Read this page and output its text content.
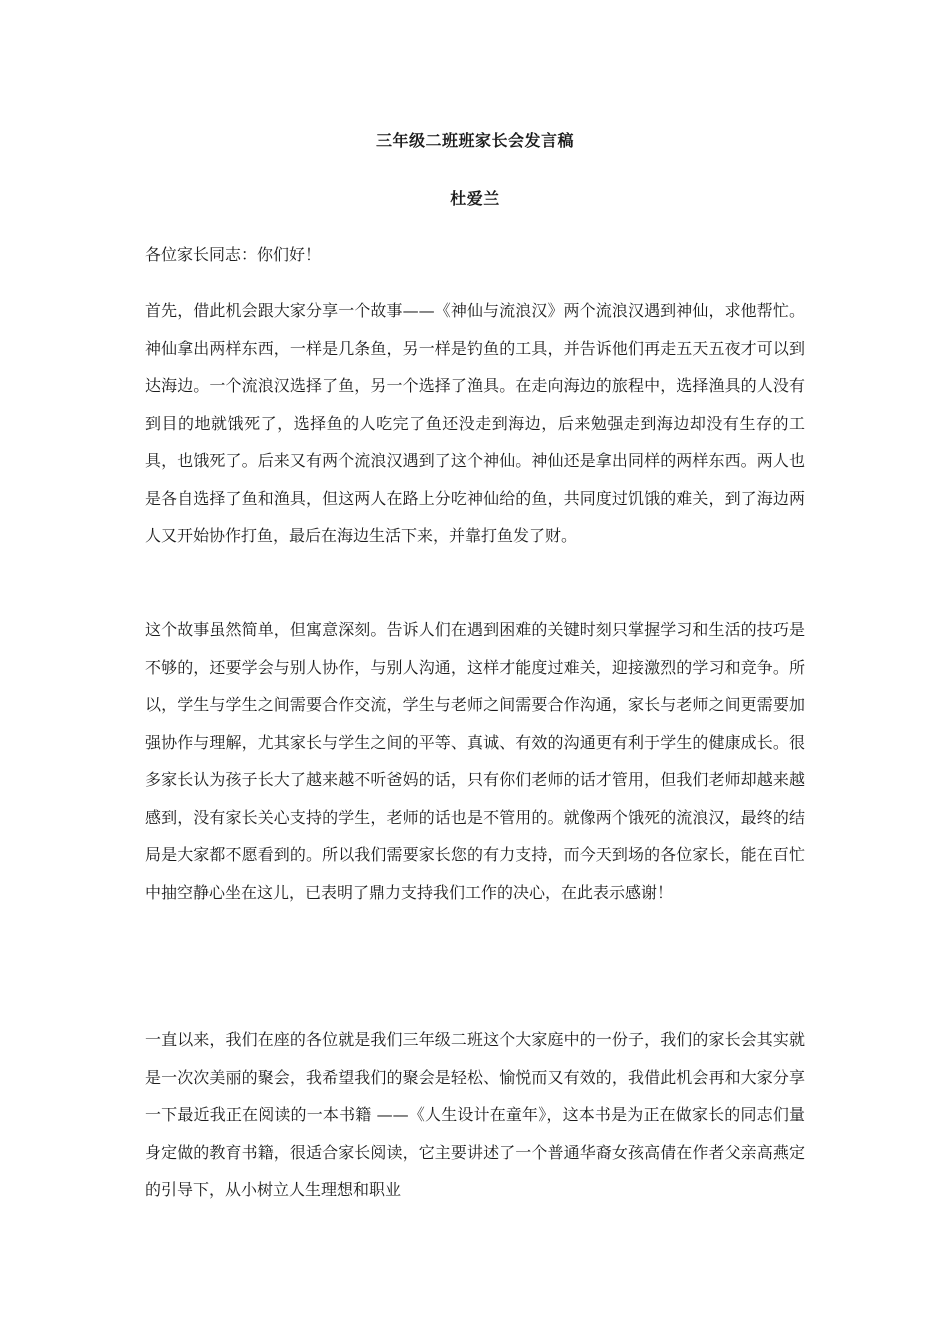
三年级二班班家长会发言稿
杜爱兰

各位家长同志：你们好！

首先，借此机会跟大家分享一个故事——《神仙与流浪汉》两个流浪汉遇到神仙，求他帮忙。神仙拿出两样东西，一样是几条鱼，另一样是钓鱼的工具，并告诉他们再走五天五夜才可以到达海边。一个流浪汉选择了鱼，另一个选择了渔具。在走向海边的旅程中，选择渔具的人没有到目的地就饿死了，选择鱼的人吃完了鱼还没走到海边，后来勉强走到海边却没有生存的工具，也饿死了。后来又有两个流浪汉遇到了这个神仙。神仙还是拿出同样的两样东西。两人也是各自选择了鱼和渔具，但这两人在路上分吃神仙给的鱼，共同度过饥饿的难关，到了海边两人又开始协作打鱼，最后在海边生活下来，并靠打鱼发了财。

这个故事虽然简单，但寓意深刻。告诉人们在遇到困难的关键时刻只掌握学习和生活的技巧是不够的，还要学会与别人协作，与别人沟通，这样才能度过难关，迎接激烈的学习和竞争。所以，学生与学生之间需要合作交流，学生与老师之间需要合作沟通，家长与老师之间更需要加强协作与理解，尤其家长与学生之间的平等、真诚、有效的沟通更有利于学生的健康成长。很多家长认为孩子长大了越来越不听爸妈的话，只有你们老师的话才管用，但我们老师却越来越感到，没有家长关心支持的学生，老师的话也是不管用的。就像两个饿死的流浪汉，最终的结局是大家都不愿看到的。所以我们需要家长您的有力支持，而今天到场的各位家长，能在百忙中抽空静心坐在这儿，已表明了鼎力支持我们工作的决心，在此表示感谢！

一直以来，我们在座的各位就是我们三年级二班这个大家庭中的一份子，我们的家长会其实就是一次次美丽的聚会，我希望我们的聚会是轻松、愉悦而又有效的，我借此机会再和大家分享一下最近我正在阅读的一本书籍 ——《人生设计在童年》，这本书是为正在做家长的同志们量身定做的教育书籍，很适合家长阅读，它主要讲述了一个普通华裔女孩高倩在作者父亲高燕定的引导下，从小树立人生理想和职业
